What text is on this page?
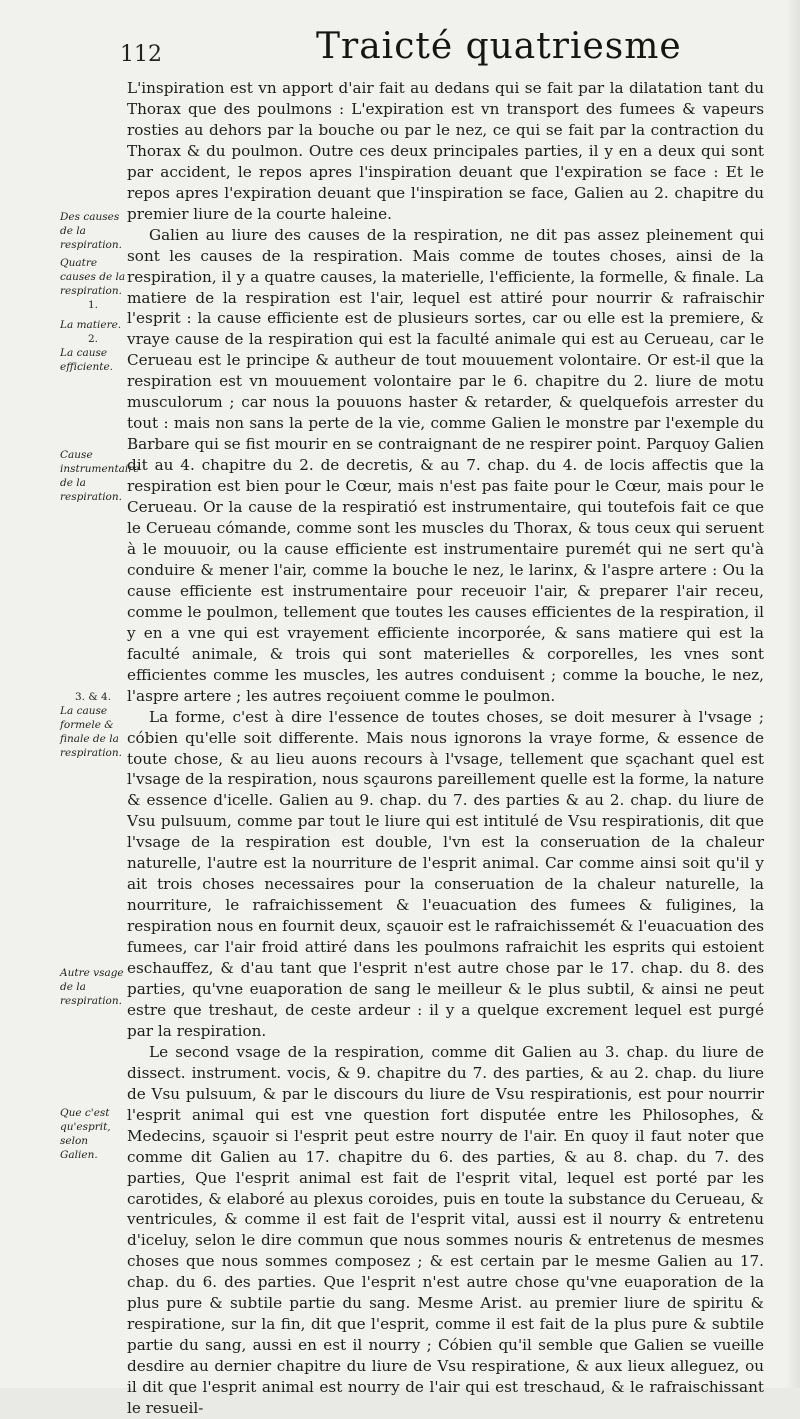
112	Traicté quatriesme
Des causes de la respiration.
Quatre causes de la respiration.
1.
La matiere.
2.
La cause efficiente.
Cause instrumentaire de la respiration.
3. & 4.
La cause formele & finale de la respiration.
Autre vsage de la respiration.
Que c'est qu'esprit, selon Galien.

L'inspiration est vn apport d'air fait au dedans qui se fait par la dilatation tant du Thorax que des poulmons : L'expiration est vn transport des fumees & vapeurs rosties au dehors par la bouche ou par le nez, ce qui se fait par la contraction du Thorax & du poulmon. Outre ces deux principales parties, il y en a deux qui sont par accident, le repos apres l'inspiration deuant que l'expiration se face : Et le repos apres l'expiration deuant que l'inspiration se face, Galien au 2. chapitre du premier liure de la courte haleine.

Galien au liure des causes de la respiration, ne dit pas assez pleinement qui sont les causes de la respiration. Mais comme de toutes choses, ainsi de la respiration, il y a quatre causes, la materielle, l'efficiente, la formelle, & finale. La matiere de la respiration est l'air, lequel est attiré pour nourrir & rafraischir l'esprit : la cause efficiente est de plusieurs sortes, car ou elle est la premiere, & vraye cause de la respiration qui est la faculté animale qui est au Cerueau, car le Cerueau est le principe & autheur de tout mouuement volontaire. Or est-il que la respiration est vn mouuement volontaire par le 6. chapitre du 2. liure de motu musculorum ; car nous la pouuons haster & retarder, & quelquefois arrester du tout : mais non sans la perte de la vie, comme Galien le monstre par l'exemple du Barbare qui se fist mourir en se contraignant de ne respirer point. Parquoy Galien dit au 4. chapitre du 2. de decretis, & au 7. chap. du 4. de locis affectis que la respiration est bien pour le Cœur, mais n'est pas faite pour le Cœur, mais pour le Cerueau. Or la cause de la respiratió est instrumentaire, qui toutefois fait ce que le Cerueau cómande, comme sont les muscles du Thorax, & tous ceux qui seruent à le mouuoir, ou la cause efficiente est instrumentaire puremét qui ne sert qu'à conduire & mener l'air, comme la bouche le nez, le larinx, & l'aspre artere : Ou la cause efficiente est instrumentaire pour receuoir l'air, & preparer l'air receu, comme le poulmon, tellement que toutes les causes efficientes de la respiration, il y en a vne qui est vrayement efficiente incorporée, & sans matiere qui est la faculté animale, & trois qui sont materielles & corporelles, les vnes sont efficientes comme les muscles, les autres conduisent ; comme la bouche, le nez, l'aspre artere ; les autres reçoiuent comme le poulmon.

La forme, c'est à dire l'essence de toutes choses, se doit mesurer à l'vsage ; cóbien qu'elle soit differente. Mais nous ignorons la vraye forme, & essence de toute chose, & au lieu auons recours à l'vsage, tellement que sçachant quel est l'vsage de la respiration, nous sçaurons pareillement quelle est la forme, la nature & essence d'icelle. Galien au 9. chap. du 7. des parties & au 2. chap. du liure de Vsu pulsuum, comme par tout le liure qui est intitulé de Vsu respirationis, dit que l'vsage de la respiration est double, l'vn est la conseruation de la chaleur naturelle, l'autre est la nourriture de l'esprit animal. Car comme ainsi soit qu'il y ait trois choses necessaires pour la conseruation de la chaleur naturelle, la nourriture, le rafraichissement & l'euacuation des fumees & fuligines, la respiration nous en fournit deux, sçauoir est le rafraichissemét & l'euacuation des fumees, car l'air froid attiré dans les poulmons rafraichit les esprits qui estoient eschauffez, & d'au tant que l'esprit n'est autre chose par le 17. chap. du 8. des parties, qu'vne euaporation de sang le meilleur & le plus subtil, & ainsi ne peut estre que treshaut, de ceste ardeur : il y a quelque excrement lequel est purgé par la respiration.

Le second vsage de la respiration, comme dit Galien au 3. chap. du liure de dissect. instrument. vocis, & 9. chapitre du 7. des parties, & au 2. chap. du liure de Vsu pulsuum, & par le discours du liure de Vsu respirationis, est pour nourrir l'esprit animal qui est vne question fort disputée entre les Philosophes, & Medecins, sçauoir si l'esprit peut estre nourry de l'air. En quoy il faut noter que comme dit Galien au 17. chapitre du 6. des parties, & au 8. chap. du 7. des parties, Que l'esprit animal est fait de l'esprit vital, lequel est porté par les carotides, & elaboré au plexus coroides, puis en toute la substance du Cerueau, & ventricules, & comme il est fait de l'esprit vital, aussi est il nourry & entretenu d'iceluy, selon le dire commun que nous sommes nouris & entretenus de mesmes choses que nous sommes composez ; & est certain par le mesme Galien au 17. chap. du 6. des parties. Que l'esprit n'est autre chose qu'vne euaporation de la plus pure & subtile partie du sang. Mesme Arist. au premier liure de spiritu & respiratione, sur la fin, dit que l'esprit, comme il est fait de la plus pure & subtile partie du sang, aussi en est il nourry ; Cóbien qu'il semble que Galien se vueille desdire au dernier chapitre du liure de Vsu respiratione, & aux lieux alleguez, ou il dit que l'esprit animal est nourry de l'air qui est treschaud, & le rafraischissant le resueil-
